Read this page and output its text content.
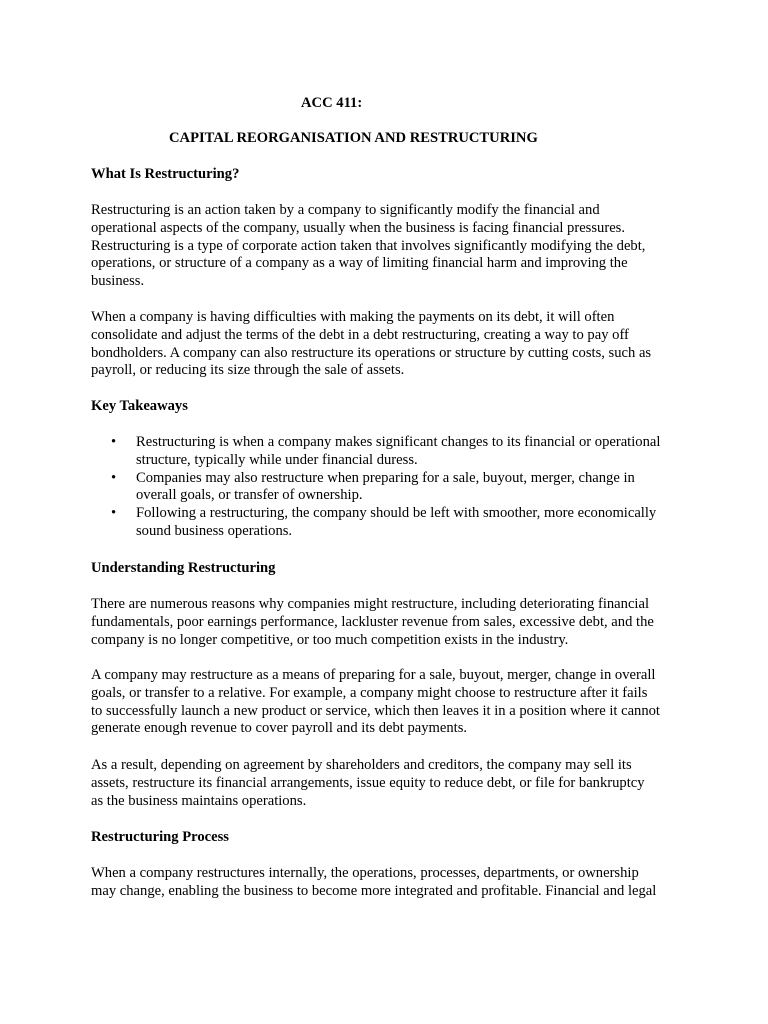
ACC 411:
CAPITAL REORGANISATION AND RESTRUCTURING
What Is Restructuring?
Restructuring is an action taken by a company to significantly modify the financial and
operational aspects of the company, usually when the business is facing financial pressures.
Restructuring is a type of corporate action taken that involves significantly modifying the debt,
operations, or structure of a company as a way of limiting financial harm and improving the
business.
When a company is having difficulties with making the payments on its debt, it will often
consolidate and adjust the terms of the debt in a debt restructuring, creating a way to pay off
bondholders. A company can also restructure its operations or structure by cutting costs, such as
payroll, or reducing its size through the sale of assets.
Key Takeaways
• Restructuring is when a company makes significant changes to its financial or operational
structure, typically while under financial duress.
• Companies may also restructure when preparing for a sale, buyout, merger, change in
overall goals, or transfer of ownership.
• Following a restructuring, the company should be left with smoother, more economically
sound business operations.
Understanding Restructuring
There are numerous reasons why companies might restructure, including deteriorating financial
fundamentals, poor earnings performance, lackluster revenue from sales, excessive debt, and the
company is no longer competitive, or too much competition exists in the industry.
A company may restructure as a means of preparing for a sale, buyout, merger, change in overall
goals, or transfer to a relative. For example, a company might choose to restructure after it fails
to successfully launch a new product or service, which then leaves it in a position where it cannot
generate enough revenue to cover payroll and its debt payments.
As a result, depending on agreement by shareholders and creditors, the company may sell its
assets, restructure its financial arrangements, issue equity to reduce debt, or file for bankruptcy
as the business maintains operations.
Restructuring Process
When a company restructures internally, the operations, processes, departments, or ownership
may change, enabling the business to become more integrated and profitable. Financial and legal
